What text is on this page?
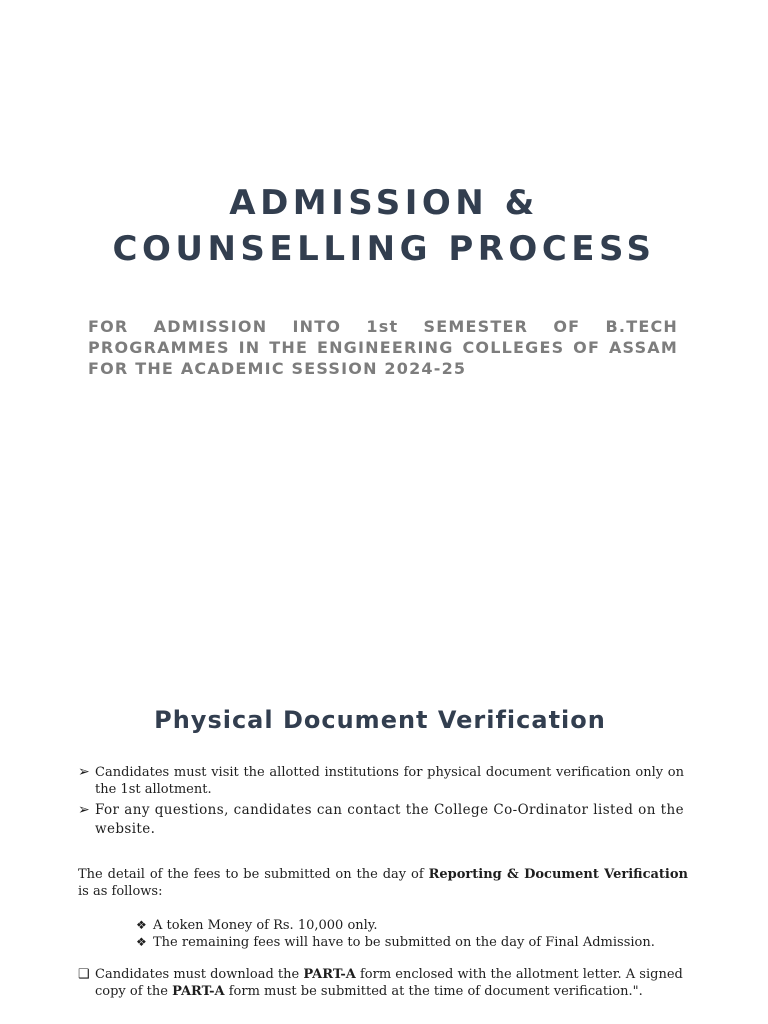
ADMISSION &
COUNSELLING PROCESS

FOR ADMISSION INTO 1st SEMESTER OF B.TECH PROGRAMMES IN THE ENGINEERING COLLEGES OF ASSAM FOR THE ACADEMIC SESSION 2024-25

Physical Document Verification
➢ Candidates must visit the allotted institutions for physical document verification only on the 1st allotment.
➢ For any questions, candidates can contact the College Co-Ordinator listed on the website.

The detail of the fees to be submitted on the day of Reporting & Document Verification is as follows:

❖ A token Money of Rs. 10,000 only.
❖ The remaining fees will have to be submitted on the day of Final Admission.
❑ Candidates must download the PART-A form enclosed with the allotment letter. A signed copy of the PART-A form must be submitted at the time of document verification.".
